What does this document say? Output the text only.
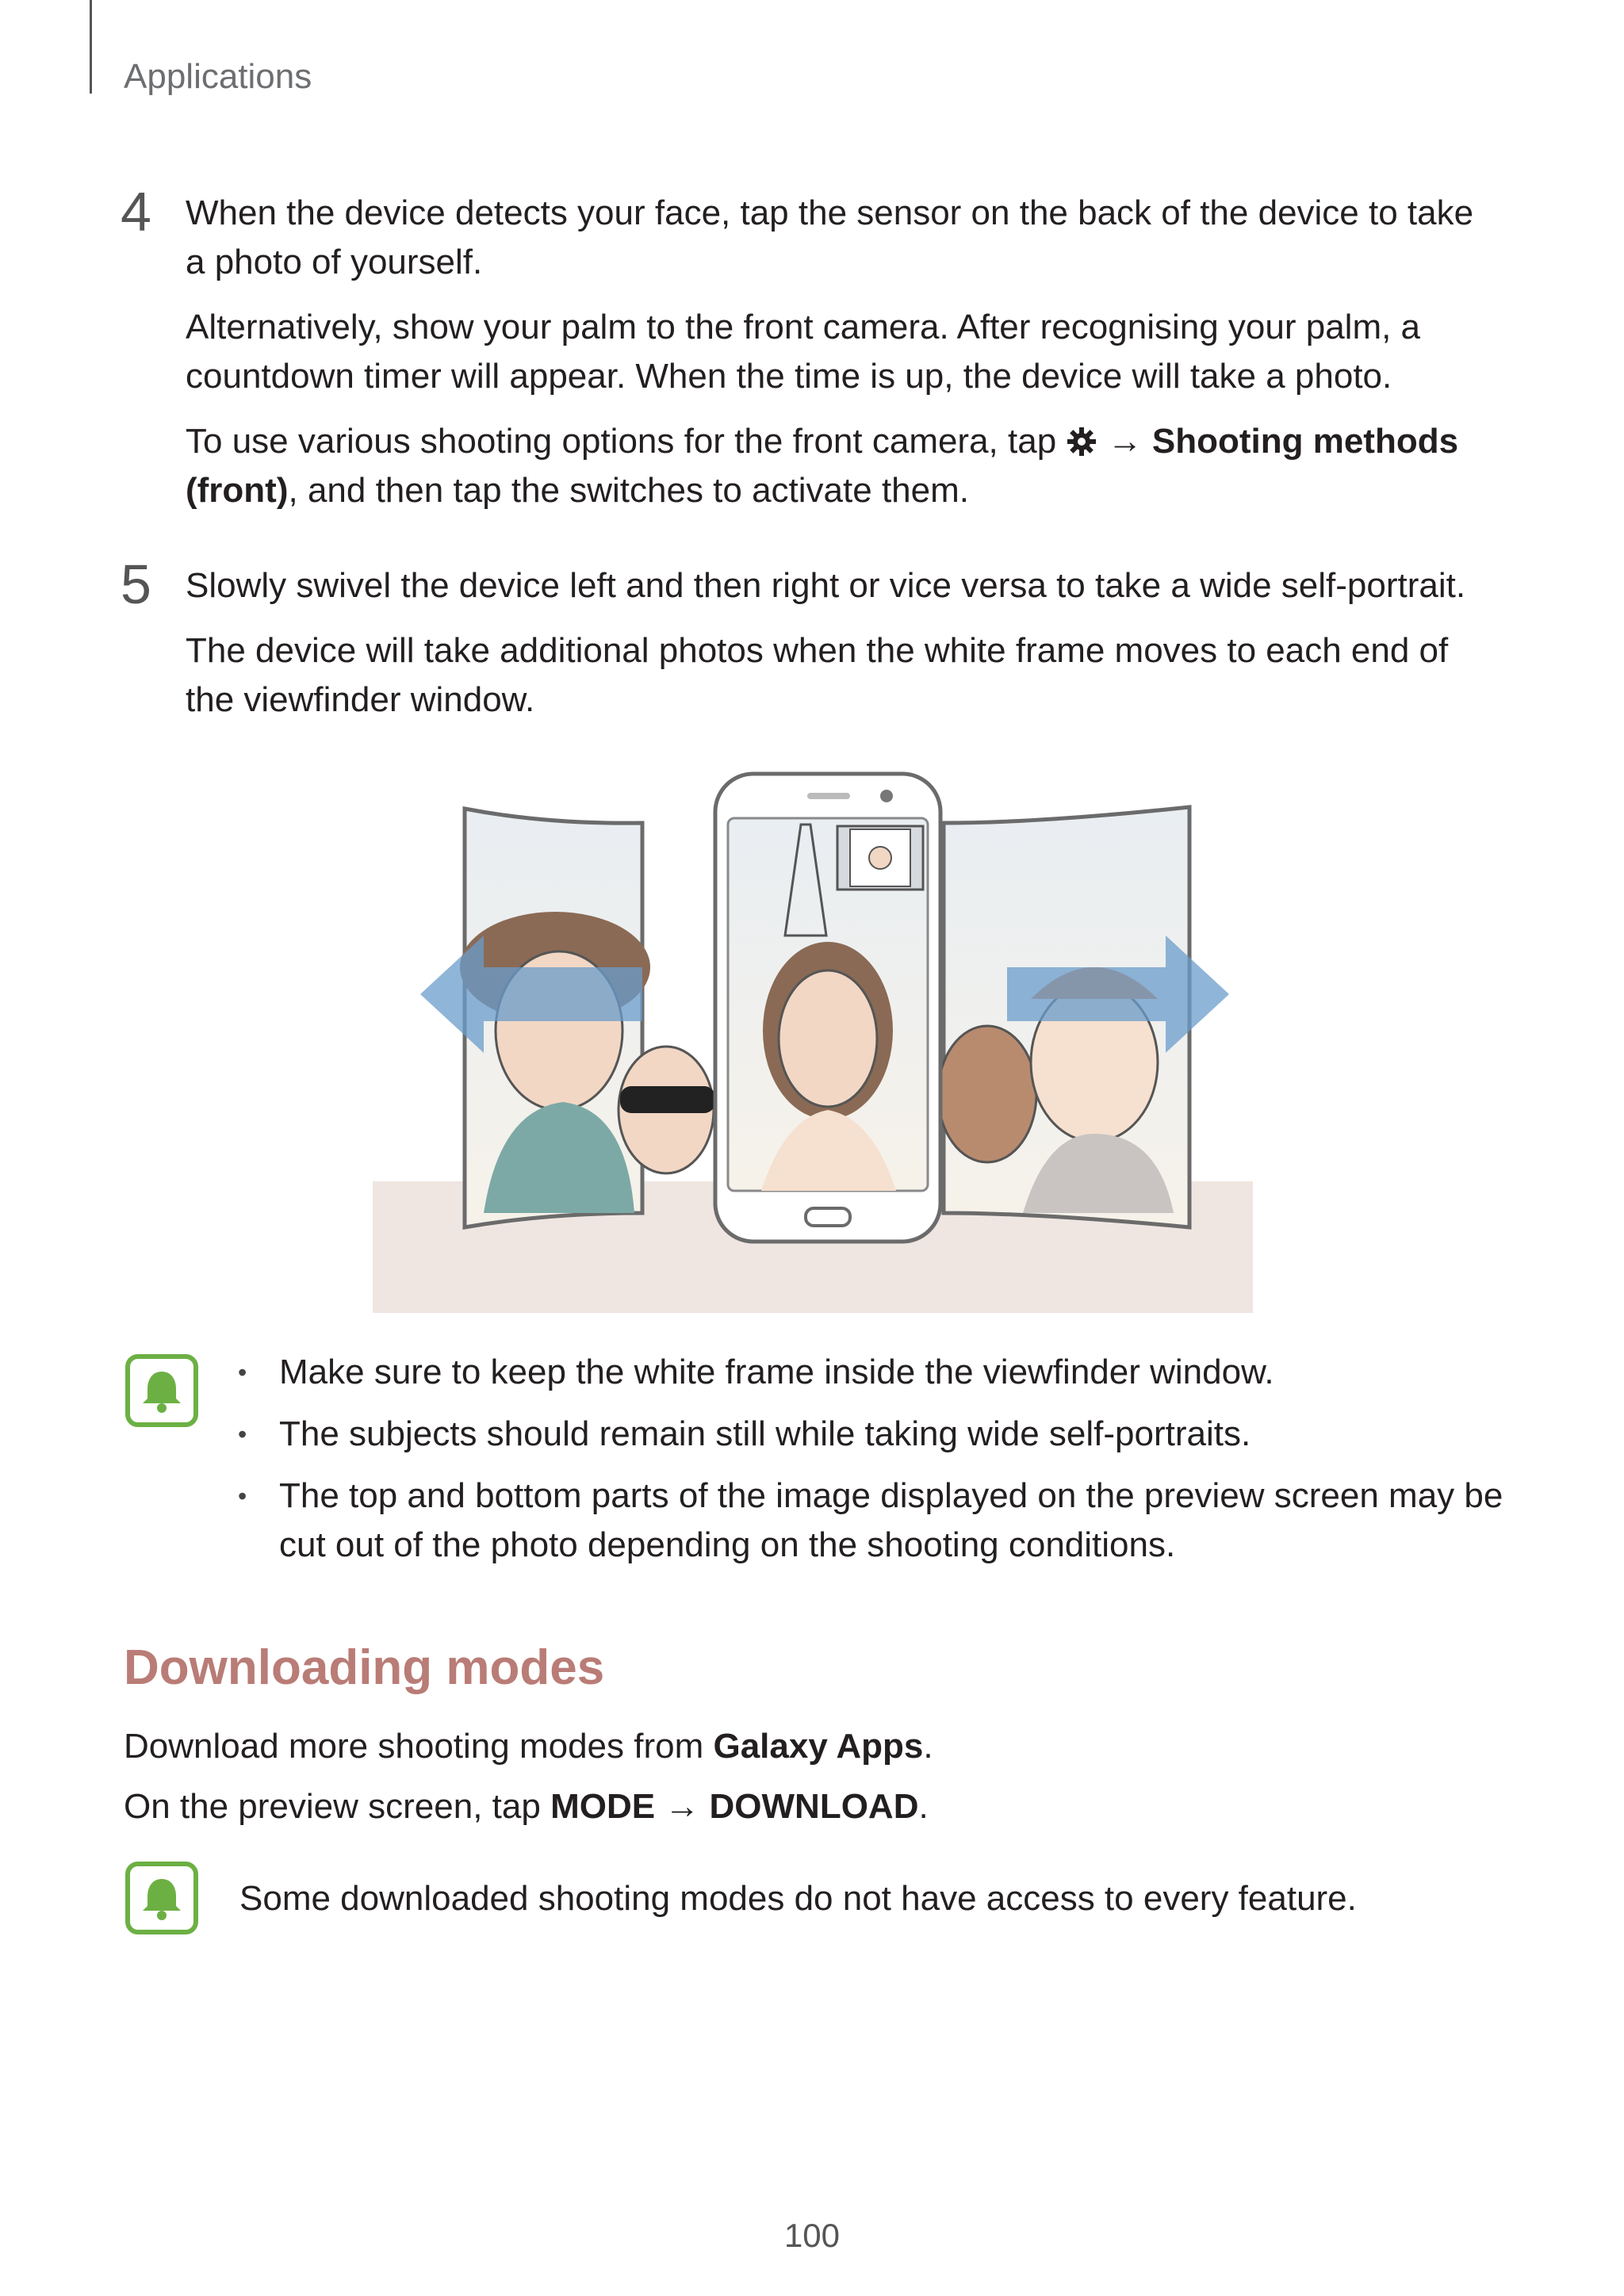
Applications
4 When the device detects your face, tap the sensor on the back of the device to take a photo of yourself.
Alternatively, show your palm to the front camera. After recognising your palm, a countdown timer will appear. When the time is up, the device will take a photo.
To use various shooting options for the front camera, tap  → Shooting methods (front), and then tap the switches to activate them.
5 Slowly swivel the device left and then right or vice versa to take a wide self-portrait.
The device will take additional photos when the white frame moves to each end of the viewfinder window.
• Make sure to keep the white frame inside the viewfinder window.
• The subjects should remain still while taking wide self-portraits.
• The top and bottom parts of the image displayed on the preview screen may be cut out of the photo depending on the shooting conditions.
Downloading modes
Download more shooting modes from Galaxy Apps.
On the preview screen, tap MODE → DOWNLOAD.
Some downloaded shooting modes do not have access to every feature.
100
